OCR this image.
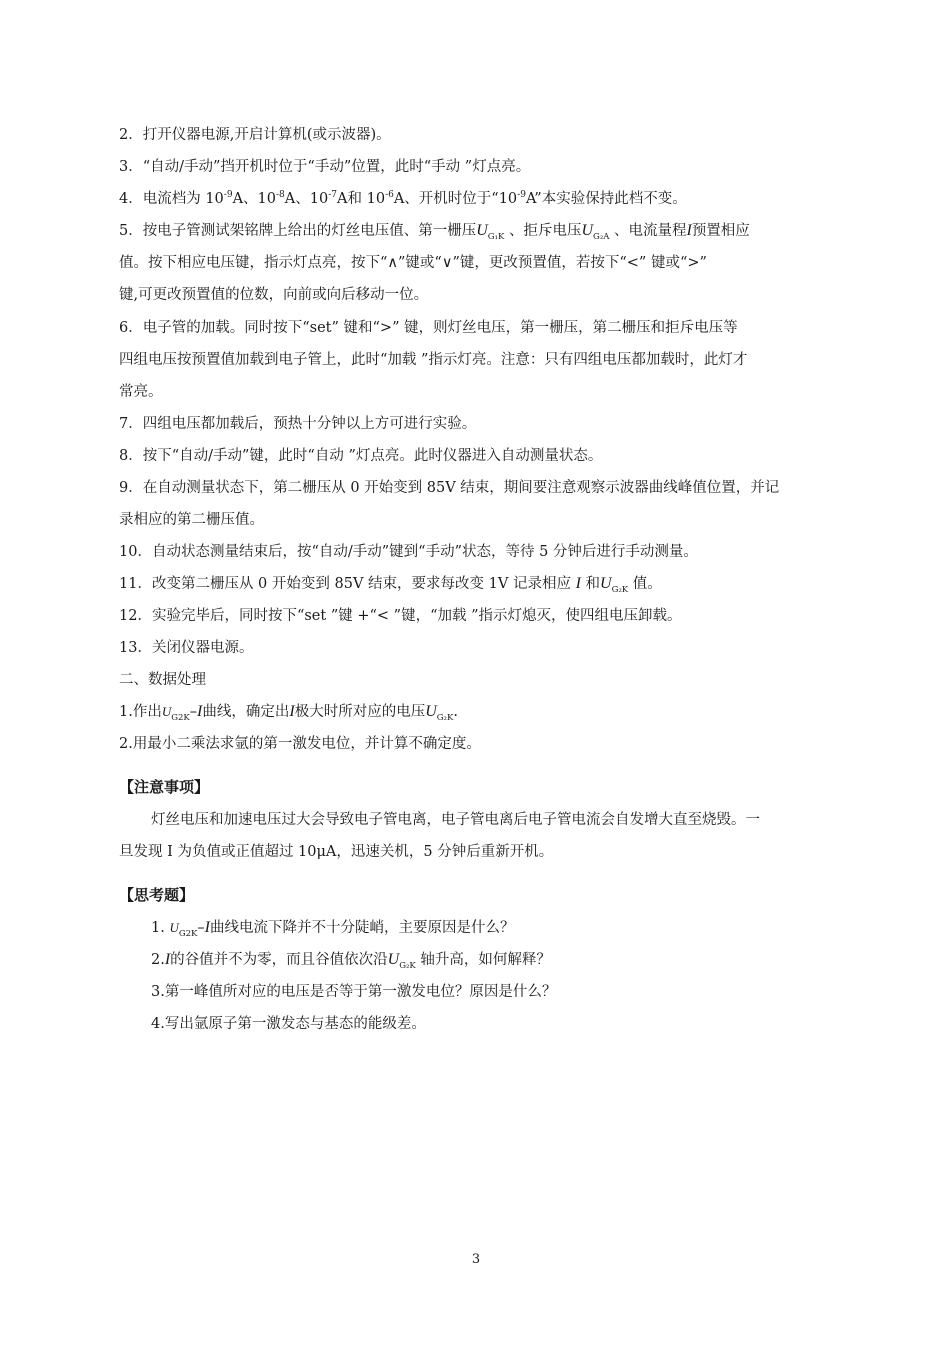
2．打开仪器电源,开启计算机(或示波器)。
3．“自动/手动”挡开机时位于“手动”位置，此时“手动 ”灯点亮。
4．电流档为 $10^{-9}A$、$10^{-8}A$、$10^{-7}A$和 $10^{-6}A$、开机时位于“$10^{-9}A$”本实验保持此档不变。
5．按电子管测试架铭牌上给出的灯丝电压值、第一栅压$U_{G_1K}$ 、拒斥电压$U_{G_2A}$ 、电流量程I预置相应
值。按下相应电压键，指示灯点亮，按下“∧”键或“∨”键，更改预置值，若按下“<” 键或“>”
键,可更改预置值的位数，向前或向后移动一位。
6．电子管的加载。同时按下“set” 键和“>” 键，则灯丝电压，第一栅压，第二栅压和拒斥电压等
四组电压按预置值加载到电子管上，此时“加载 ”指示灯亮。注意：只有四组电压都加载时，此灯才
常亮。
7．四组电压都加载后，预热十分钟以上方可进行实验。
8．按下“自动/手动”键，此时“自动 ”灯点亮。此时仪器进入自动测量状态。
9．在自动测量状态下，第二栅压从 0 开始变到 85V 结束，期间要注意观察示波器曲线峰值位置，并记
录相应的第二栅压值。
10．自动状态测量结束后，按“自动/手动”键到“手动”状态，等待 5 分钟后进行手动测量。
11．改变第二栅压从 0 开始变到 85V 结束，要求每改变 1V 记录相应 I 和$U_{G_2K}$ 值。
12．实验完毕后，同时按下“set ”键 +“< ”键，“加载 ”指示灯熄灭，使四组电压卸载。
13．关闭仪器电源。
二、数据处理
1.作出$U_{G2K}-I$曲线，确定出I极大时所对应的电压$U_{G_2K}$.
2.用最小二乘法求氩的第一激发电位，并计算不确定度。
【注意事项】
灯丝电压和加速电压过大会导致电子管电离，电子管电离后电子管电流会自发增大直至烧毁。一
旦发现 I 为负值或正值超过 10μA，迅速关机，5 分钟后重新开机。
【思考题】
1. $U_{G2K}-I$曲线电流下降并不十分陡峭，主要原因是什么？
2.I的谷值并不为零，而且谷值依次沿$U_{G_2K}$ 轴升高，如何解释？
3.第一峰值所对应的电压是否等于第一激发电位？原因是什么？
4.写出氩原子第一激发态与基态的能级差。
3
